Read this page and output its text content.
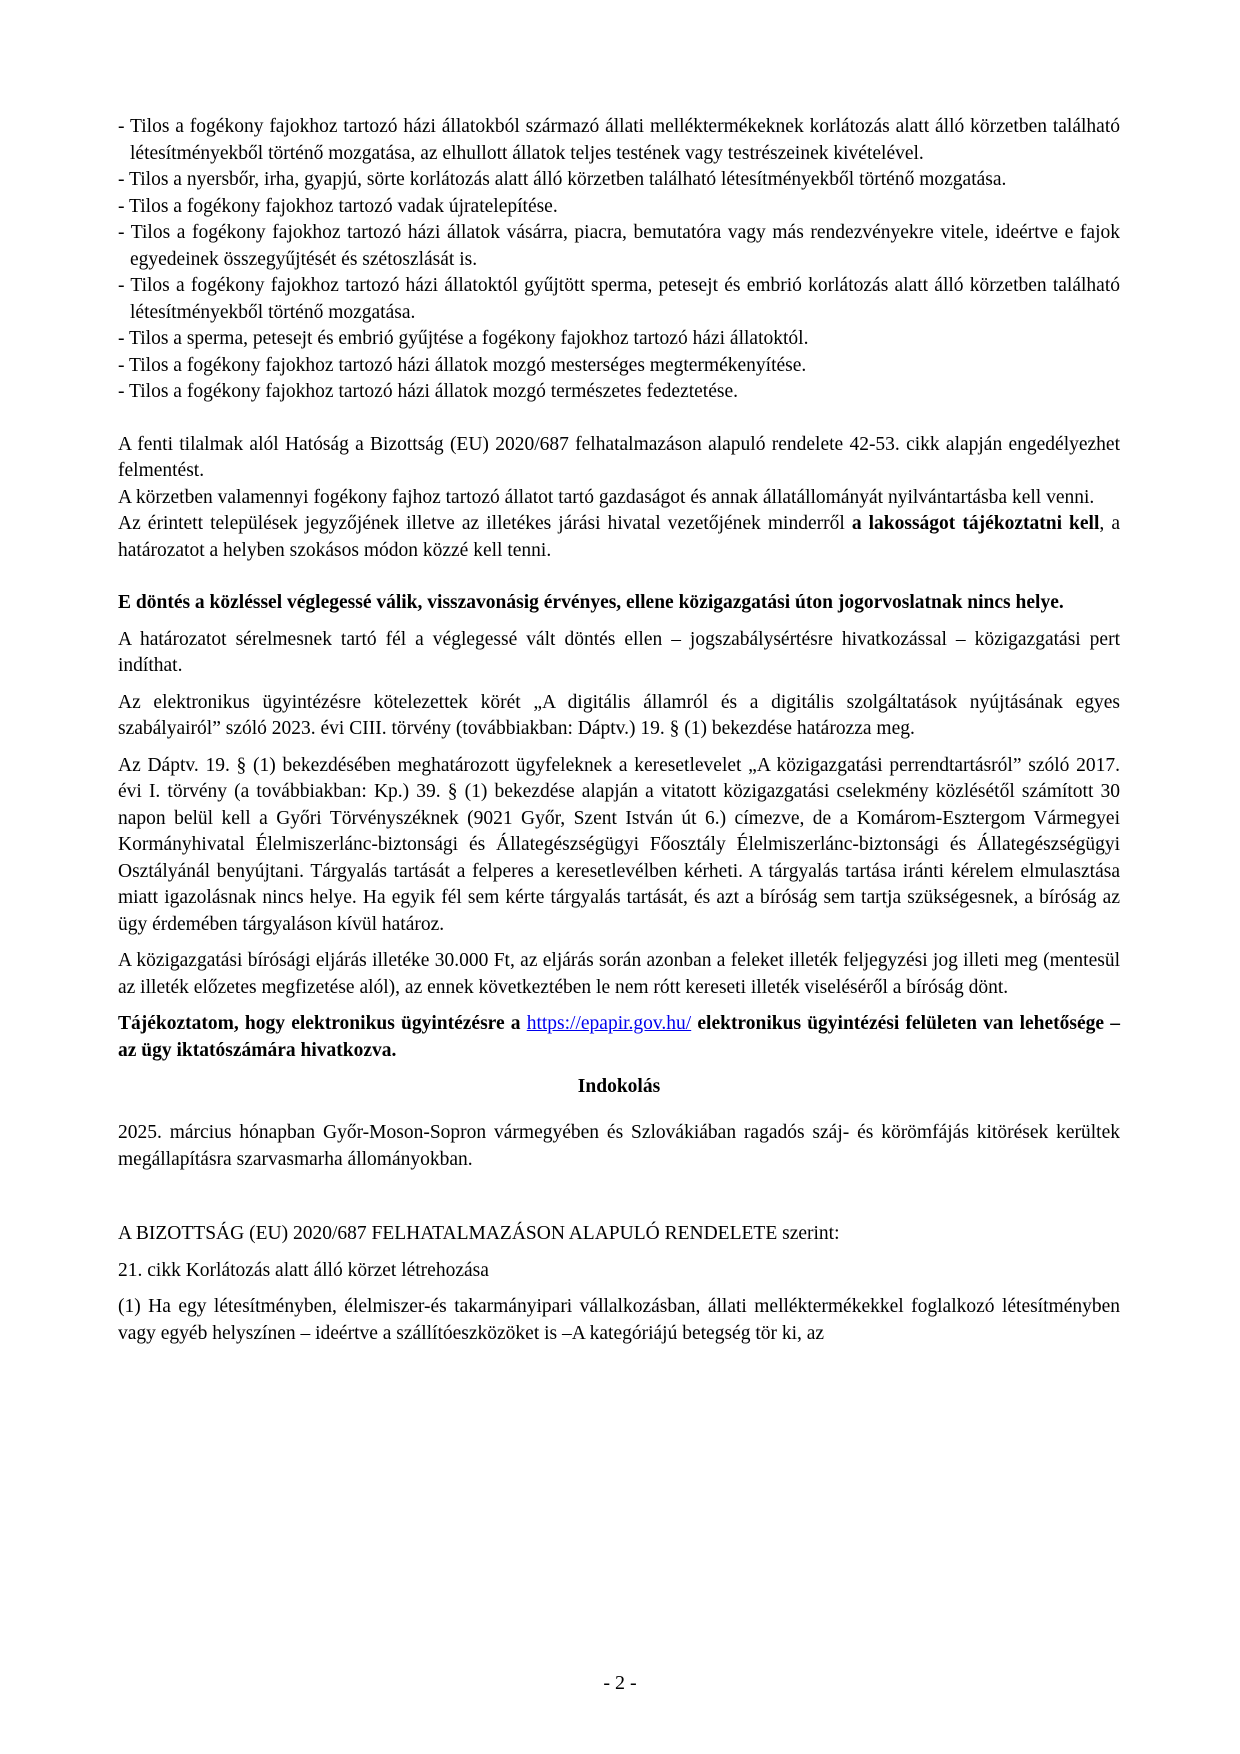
- Tilos a fogékony fajokhoz tartozó házi állatokból származó állati melléktermékeknek korlátozás alatt álló körzetben található létesítményekből történő mozgatása, az elhullott állatok teljes testének vagy testrészeinek kivételével.
- Tilos a nyersbőr, irha, gyapjú, sörte korlátozás alatt álló körzetben található létesítményekből történő mozgatása.
- Tilos a fogékony fajokhoz tartozó vadak újratelepítése.
- Tilos a fogékony fajokhoz tartozó házi állatok vásárra, piacra, bemutatóra vagy más rendezvényekre vitele, ideértve e fajok egyedeinek összegyűjtését és szétoszlását is.
- Tilos a fogékony fajokhoz tartozó házi állatoktól gyűjtött sperma, petesejt és embrió korlátozás alatt álló körzetben található létesítményekből történő mozgatása.
- Tilos a sperma, petesejt és embrió gyűjtése a fogékony fajokhoz tartozó házi állatoktól.
- Tilos a fogékony fajokhoz tartozó házi állatok mozgó mesterséges megtermékenyítése.
- Tilos a fogékony fajokhoz tartozó házi állatok mozgó természetes fedeztetése.

A fenti tilalmak alól Hatóság a Bizottság (EU) 2020/687 felhatalmazáson alapuló rendelete 42-53. cikk alapján engedélyezhet felmentést.

A körzetben valamennyi fogékony fajhoz tartozó állatot tartó gazdaságot és annak állatállományát nyilvántartásba kell venni.

Az érintett települések jegyzőjének illetve az illetékes járási hivatal vezetőjének minderről a lakosságot tájékoztatni kell, a határozatot a helyben szokásos módon közzé kell tenni.

E döntés a közléssel véglegessé válik, visszavonásig érvényes, ellene közigazgatási úton jogorvoslatnak nincs helye.

A határozatot sérelmesnek tartó fél a véglegessé vált döntés ellen – jogszabálysértésre hivatkozással – közigazgatási pert indíthat.

Az elektronikus ügyintézésre kötelezettek körét „A digitális államról és a digitális szolgáltatások nyújtásának egyes szabályairól” szóló 2023. évi CIII. törvény (továbbiakban: Dáptv.) 19. § (1) bekezdése határozza meg.

Az Dáptv. 19. § (1) bekezdésében meghatározott ügyfeleknek a keresetlevelet „A közigazgatási perrendtartásról” szóló 2017. évi I. törvény (a továbbiakban: Kp.) 39. § (1) bekezdése alapján a vitatott közigazgatási cselekmény közlésétől számított 30 napon belül kell a Győri Törvényszéknek (9021 Győr, Szent István út 6.) címezve, de a Komárom-Esztergom Vármegyei Kormányhivatal Élelmiszerlánc-biztonsági és Állategészségügyi Főosztály Élelmiszerlánc-biztonsági és Állategészségügyi Osztályánál benyújtani. Tárgyalás tartását a felperes a keresetlevélben kérheti. A tárgyalás tartása iránti kérelem elmulasztása miatt igazolásnak nincs helye. Ha egyik fél sem kérte tárgyalás tartását, és azt a bíróság sem tartja szükségesnek, a bíróság az ügy érdemében tárgyaláson kívül határoz.

A közigazgatási bírósági eljárás illetéke 30.000 Ft, az eljárás során azonban a feleket illeték feljegyzési jog illeti meg (mentesül az illeték előzetes megfizetése alól), az ennek következtében le nem rótt kereseti illeték viseléséről a bíróság dönt.

Tájékoztatom, hogy elektronikus ügyintézésre a https://epapir.gov.hu/ elektronikus ügyintézési felületen van lehetősége – az ügy iktatószámára hivatkozva.

Indokolás

2025. március hónapban Győr-Moson-Sopron vármegyében és Szlovákiában ragadós száj- és körömfájás kitörések kerültek megállapításra szarvasmarha állományokban.

A BIZOTTSÁG (EU) 2020/687 FELHATALMAZÁSON ALAPULÓ RENDELETE szerint:

21. cikk Korlátozás alatt álló körzet létrehozása

(1) Ha egy létesítményben, élelmiszer-és takarmányipari vállalkozásban, állati melléktermékekkel foglalkozó létesítményben vagy egyéb helyszínen – ideértve a szállítóeszközöket is –A kategóriájú betegség tör ki, az

- 2 -
